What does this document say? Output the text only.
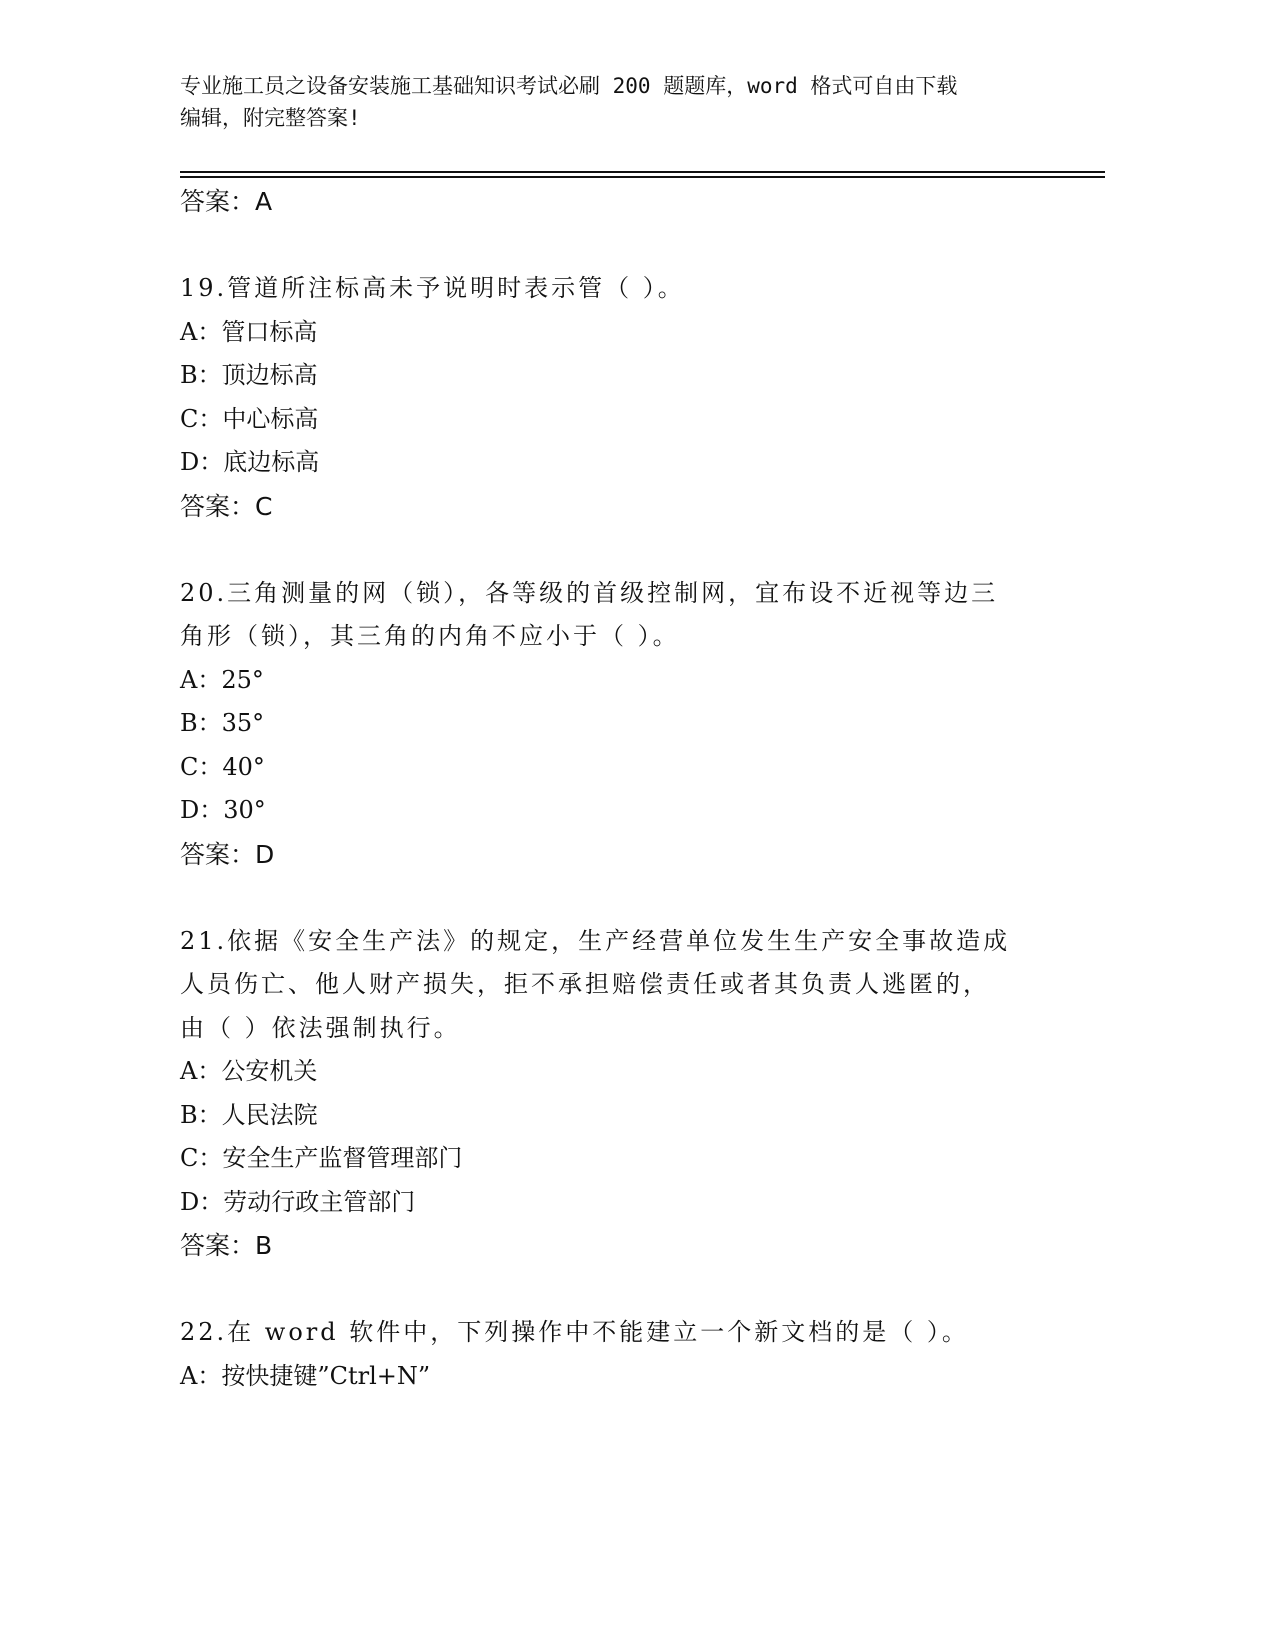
专业施工员之设备安装施工基础知识考试必刷 200 题题库，word 格式可自由下载
编辑，附完整答案!
答案：A
19.管道所注标高未予说明时表示管（ ）。
A：管口标高
B：顶边标高
C：中心标高
D：底边标高
答案：C
20.三角测量的网（锁），各等级的首级控制网，宜布设不近视等边三
角形（锁），其三角的内角不应小于（ ）。
A：25°
B：35°
C：40°
D：30°
答案：D
21.依据《安全生产法》的规定，生产经营单位发生生产安全事故造成
人员伤亡、他人财产损失，拒不承担赔偿责任或者其负责人逃匿的，
由（ ）依法强制执行。
A：公安机关
B：人民法院
C：安全生产监督管理部门
D：劳动行政主管部门
答案：B
22.在 word 软件中，下列操作中不能建立一个新文档的是（ ）。
A：按快捷键”Ctrl+N”
